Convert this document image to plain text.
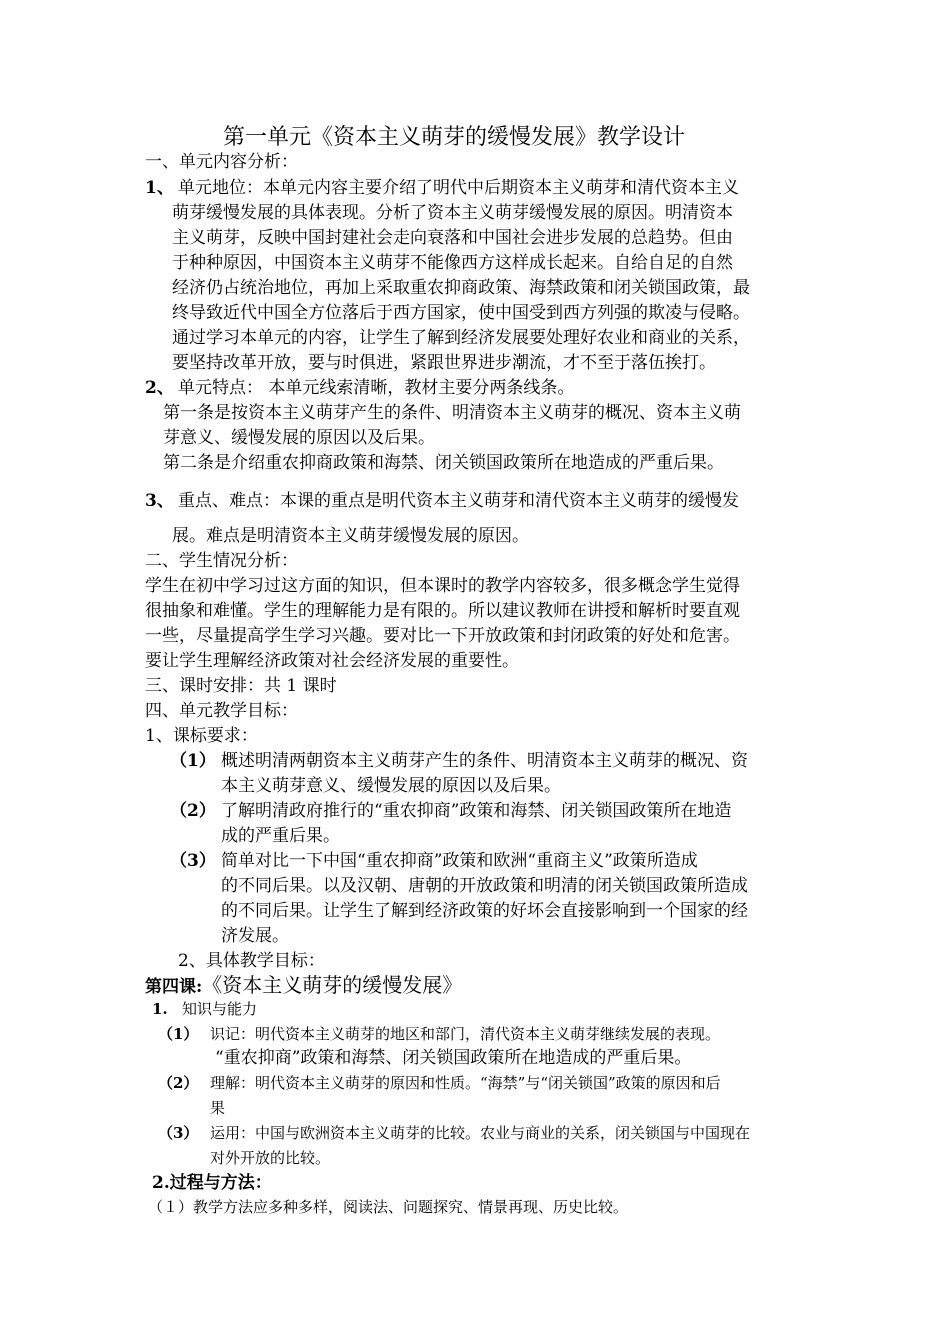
第一单元《资本主义萌芽的缓慢发展》教学设计
一、单元内容分析：
1、 单元地位：本单元内容主要介绍了明代中后期资本主义萌芽和清代资本主义
萌芽缓慢发展的具体表现。分析了资本主义萌芽缓慢发展的原因。明清资本
主义萌芽，反映中国封建社会走向衰落和中国社会进步发展的总趋势。但由
于种种原因，中国资本主义萌芽不能像西方这样成长起来。自给自足的自然
经济仍占统治地位，再加上采取重农抑商政策、海禁政策和闭关锁国政策，最
终导致近代中国全方位落后于西方国家，使中国受到西方列强的欺凌与侵略。
通过学习本单元的内容，让学生了解到经济发展要处理好农业和商业的关系，
要坚持改革开放，要与时俱进，紧跟世界进步潮流，才不至于落伍挨打。
2、 单元特点： 本单元线索清晰，教材主要分两条线条。
第一条是按资本主义萌芽产生的条件、明清资本主义萌芽的概况、资本主义萌
芽意义、缓慢发展的原因以及后果。
第二条是介绍重农抑商政策和海禁、闭关锁国政策所在地造成的严重后果。
3、 重点、难点：本课的重点是明代资本主义萌芽和清代资本主义萌芽的缓慢发
展。难点是明清资本主义萌芽缓慢发展的原因。
二、学生情况分析：
学生在初中学习过这方面的知识，但本课时的教学内容较多，很多概念学生觉得
很抽象和难懂。学生的理解能力是有限的。所以建议教师在讲授和解析时要直观
一些，尽量提高学生学习兴趣。要对比一下开放政策和封闭政策的好处和危害。
要让学生理解经济政策对社会经济发展的重要性。
三、课时安排：共 1 课时
四、单元教学目标：
1、课标要求：
（1） 概述明清两朝资本主义萌芽产生的条件、明清资本主义萌芽的概况、资
本主义萌芽意义、缓慢发展的原因以及后果。
（2） 了解明清政府推行的“重农抑商”政策和海禁、闭关锁国政策所在地造
成的严重后果。
（3） 简单对比一下中国“重农抑商”政策和欧洲“重商主义”政策所造成
的不同后果。以及汉朝、唐朝的开放政策和明清的闭关锁国政策所造成
的不同后果。让学生了解到经济政策的好坏会直接影响到一个国家的经
济发展。
2、具体教学目标：
第四课:《资本主义萌芽的缓慢发展》
1. 知识与能力
（1） 识记：明代资本主义萌芽的地区和部门，清代资本主义萌芽继续发展的表现。
“重农抑商”政策和海禁、闭关锁国政策所在地造成的严重后果。
（2） 理解：明代资本主义萌芽的原因和性质。“海禁”与“闭关锁国”政策的原因和后
果
（3） 运用：中国与欧洲资本主义萌芽的比较。农业与商业的关系，闭关锁国与中国现在
对外开放的比较。
2.过程与方法：
（１）教学方法应多种多样，阅读法、问题探究、情景再现、历史比较。
